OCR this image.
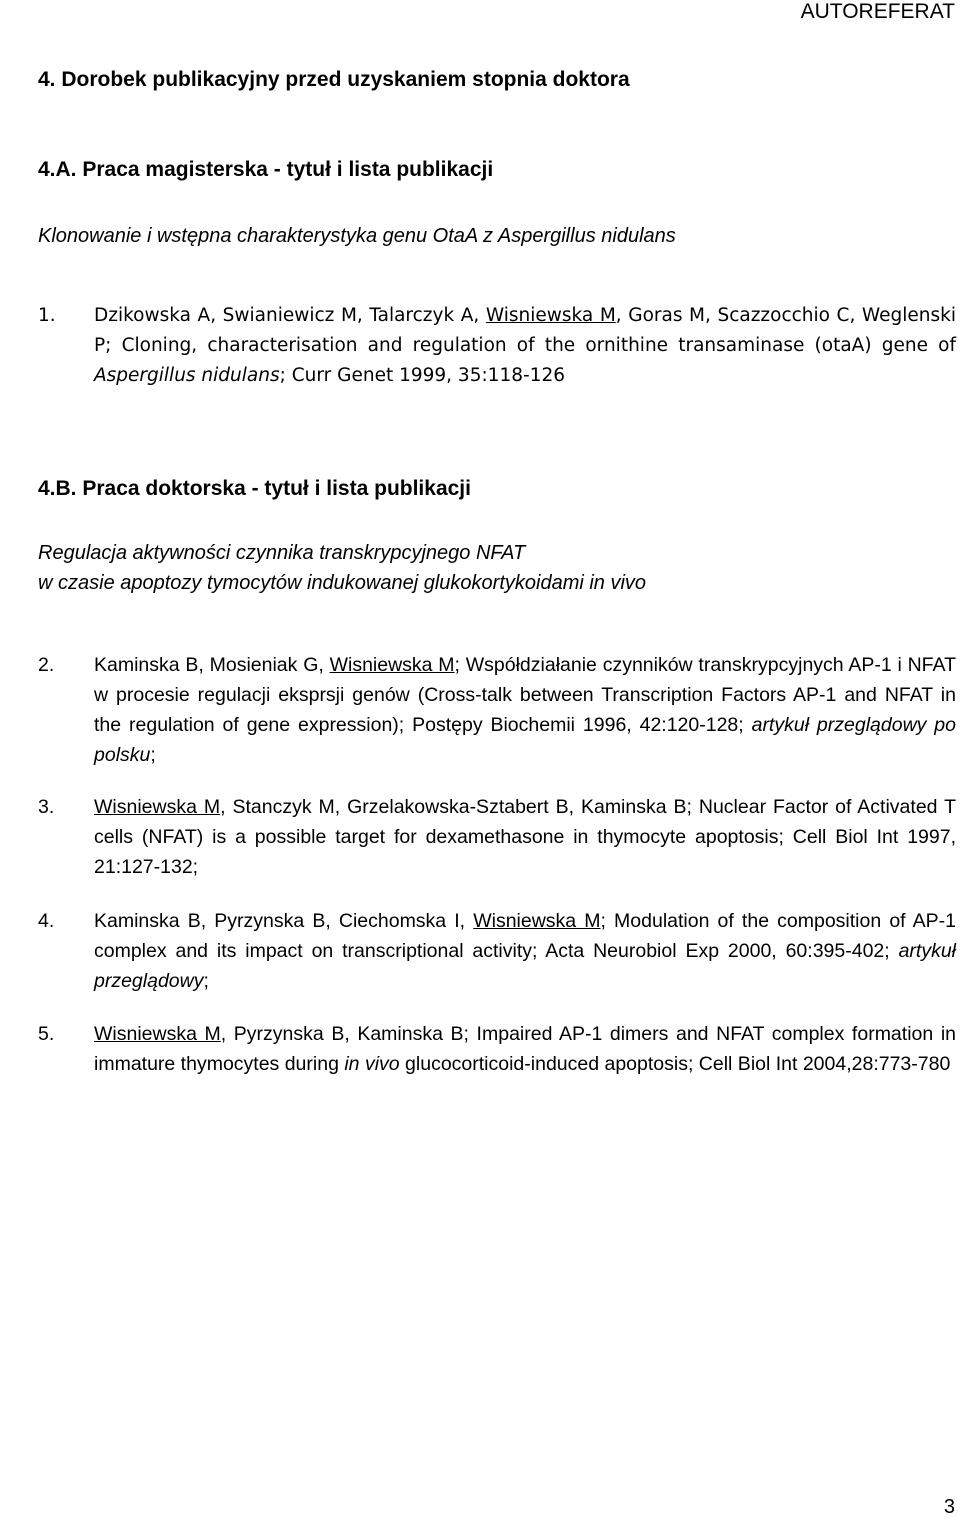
AUTOREFERAT
4. Dorobek publikacyjny przed uzyskaniem stopnia doktora
4.A. Praca magisterska - tytuł i lista publikacji
Klonowanie i wstępna charakterystyka genu OtaA z Aspergillus nidulans
1. Dzikowska A, Swianiewicz M, Talarczyk A, Wisniewska M, Goras M, Scazzocchio C, Weglenski P; Cloning, characterisation and regulation of the ornithine transaminase (otaA) gene of Aspergillus nidulans; Curr Genet 1999, 35:118-126
4.B. Praca doktorska - tytuł i lista publikacji
Regulacja aktywności czynnika transkrypcyjnego NFAT
w czasie apoptozy tymocytów indukowanej glukokortykoidami in vivo
2. Kaminska B, Mosieniak G, Wisniewska M; Współdziałanie czynników transkrypcyjnych AP-1 i NFAT w procesie regulacji eksprsji genów (Cross-talk between Transcription Factors AP-1 and NFAT in the regulation of gene expression); Postępy Biochemii 1996, 42:120-128; artykuł przeglądowy po polsku;
3. Wisniewska M, Stanczyk M, Grzelakowska-Sztabert B, Kaminska B; Nuclear Factor of Activated T cells (NFAT) is a possible target for dexamethasone in thymocyte apoptosis; Cell Biol Int 1997, 21:127-132;
4. Kaminska B, Pyrzynska B, Ciechomska I, Wisniewska M; Modulation of the composition of AP-1 complex and its impact on transcriptional activity; Acta Neurobiol Exp 2000, 60:395-402; artykuł przeglądowy;
5. Wisniewska M, Pyrzynska B, Kaminska B; Impaired AP-1 dimers and NFAT complex formation in immature thymocytes during in vivo glucocorticoid-induced apoptosis; Cell Biol Int 2004,28:773-780
3
